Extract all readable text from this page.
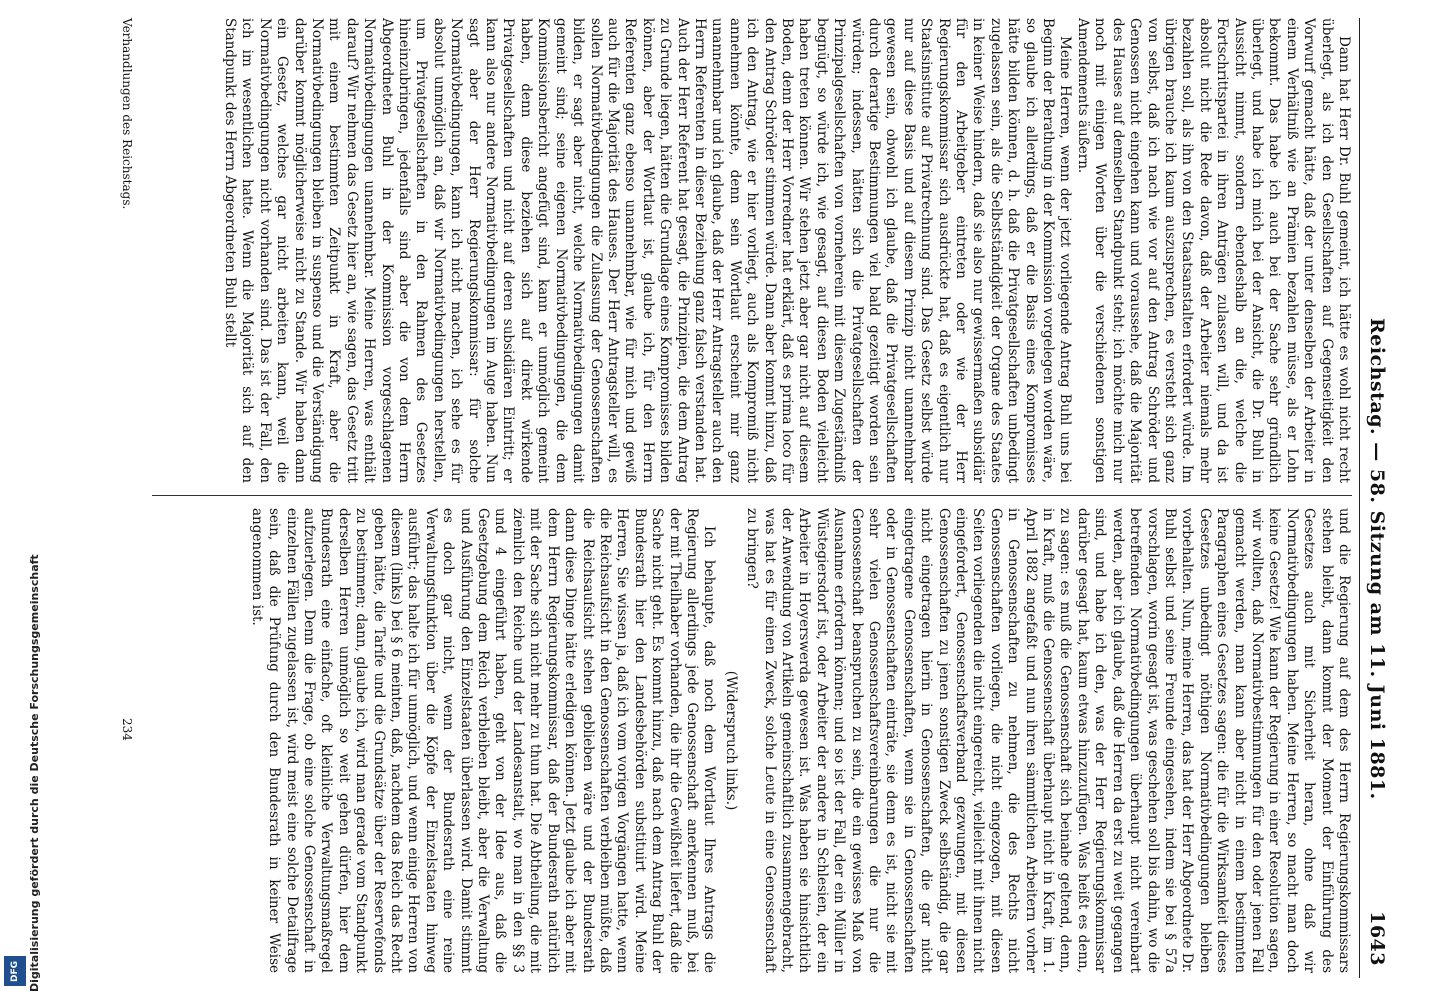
Reichstag. — 58. Sitzung am 11. Juni 1881.
1643

Dann hat Herr Dr. Buhl gemeint, ich hätte es wohl nicht recht überlegt, als ich den Gesellschaften auf Gegenseitigkeit den Vorwurf gemacht hätte, daß der unter denselben der Arbeiter in einem Verhältniß wie an Prämien bezahlen müsse, als er Lohn bekommt. Das habe ich auch bei der Sache sehr gründlich überlegt, und habe ich mich bei der Ansicht, die Dr. Buhl in Aussicht nimmt, sondern ebendeshalb an die, welche die Fortschrittspartei in ihren Anträgen zulassen will, und da ist absolut nicht die Rede davon, daß der Arbeiter niemals mehr bezahlen soll, als ihn von den Staatsanstalten erfordert würde. Im übrigen brauche ich kaum auszusprechen, es versteht sich ganz von selbst, daß ich nach wie vor auf den Antrag Schröder und Genossen nicht eingehen kann und voraussehe, daß die Majorität des Hauses auf demselben Standpunkt steht; ich möchte mich nur noch mit einigen Worten über die verschiedenen sonstigen Amendements äußern.

Meine Herren, wenn der jetzt vorliegende Antrag Buhl uns bei Beginn der Berathung in der Kommission vorgelegen worden wäre, so glaube ich allerdings, daß er die Basis eines Kompromisses hätte bilden können, d. h. daß die Privatgesellschaften unbedingt zugelassen sein, als die Selbstständigkeit der Organe des Staates in keiner Weise hindern, daß sie also nur gewissermaßen subsidiär für den Arbeitgeber eintreten oder wie der Herr Regierungskommissar sich ausdrückte hat, daß es eigentlich nur Staatsinstitute auf Privatrechnung sind. Das Gesetz selbst würde nur auf diese Basis und auf diesem Prinzip nicht unannehmbar gewesen sein, obwohl ich glaube, daß die Privatgesellschaften durch derartige Bestimmungen viel bald gezeitigt worden sein würden; indessen, hätten sich die Privatgesellschaften der Prinzipalgesellschaften von vorneherein mit diesem Zugeständniß begnügt, so würde ich, wie gesagt, auf diesen Boden vielleicht haben treten können. Wir stehen jetzt aber gar nicht auf diesem Boden, denn der Herr Vorredner hat erklärt, daß es prima loco für den Antrag Schröder stimmen würde. Dann aber kommt hinzu, daß ich den Antrag, wie er hier vorliegt, auch als Kompromiß nicht annehmen könnte, denn sein Wortlaut erscheint mir ganz unannehmbar und ich glaube, daß der Herr Antragsteller auch den Herrn Referenten in dieser Beziehung ganz falsch verstanden hat. Auch der Herr Referent hat gesagt, die Prinzipien, die dem Antrag zu Grunde liegen, hätten die Grundlage eines Kompromisses bilden können, aber der Wortlaut ist, glaube ich, für den Herrn Referenten ganz ebenso unannehmbar, wie für mich und gewiß auch für die Majorität des Hauses. Der Herr Antragsteller will, es sollen Normativbedingungen die Zulassung der Genossenschaften bilden, er sagt aber nicht, welche Normativbedingungen damit gemeint sind; seine eigenen Normativbedingungen, die dem Kommissionsbericht angefügt sind, kann er unmöglich gemeint haben, denn diese beziehen sich auf direkt wirkende Privatgesellschaften und nicht auf deren subsidiären Eintritt; er kann also nur andere Normativbedingungen im Auge haben. Nun sagt aber der Herr Regierungskommissar: für solche Normativbedingungen, kann ich nicht machen, ich sehe es für absolut unmöglich an, daß wir Normativbedingungen herstellen, um Privatgesellschaften in den Rahmen des Gesetzes hineinzubringen, jedenfalls sind aber die von dem Herrn Abgeordneten Buhl in der Kommission vorgeschlagenen Normativbedingungen unannehmbar. Meine Herren, was enthält darauf? Wir nehmen das Gesetz hier an, wie sagen, das Gesetz tritt mit einem bestimmten Zeitpunkt in Kraft, aber die Normativbedingungen bleiben in suspenso und die Verständigung darüber kommt möglicherweise nicht zu Stande. Wir haben dann ein Gesetz, welches gar nicht arbeiten kann, weil die Normativbedingungen nicht vorhanden sind. Das ist der Fall, den ich im wesentlichen hatte. Wenn die Majorität sich auf den Standpunkt des Herrn Abgeordneten Buhl stellt

und die Regierung auf dem des Herrn Regierungskommissars stehen bleibt, dann kommt der Moment der Einführung des Gesetzes auch mit Sicherheit heran, ohne daß wir Normativbedingungen haben. Meine Herren, so macht man doch keine Gesetze! Wie kann der Regierung in einer Resolution sagen, wir wollten, daß Normativbestimmungen für den oder jenen Fall gemacht werden, man kann aber nicht in einem bestimmten Paragraphen eines Gesetzes sagen: die für die Wirksamkeit dieses Gesetzes unbedingt nöthigen Normativbedingungen bleiben vorbehalten. Nun, meine Herren, das hat der Herr Abgeordnete Dr. Buhl selbst und seine Freunde eingesehen, indem sie bei § 57a vorschlagen, worin gesagt ist, was geschehen soll bis dahin, wo die betreffenden Normativbedingungen überhaupt nicht vereinbart werden, aber ich glaube, daß die Herren da erst zu weit gegangen sind, und habe ich den, was der Herr Regierungskommissar darüber gesagt hat, kaum etwas hinzuzufügen. Was heißt es denn, zu sagen: es muß die Genossenschaft sich beinahe geltend, denn, in Kraft, muß die Genossenschaft überhaupt nicht in Kraft, im 1. April 1882 angefaßt und nun ihren sämmtlichen Arbeitern vorher in Genossenschaften zu nehmen, die des Rechts nicht Genossenschaften vorliegen, die nicht eingezogen, mit diesen Seiten vorliegenden die nicht eingereicht, vielleicht mit ihnen nicht eingefordert, Genossenschaftsverband gezwungen, mit diesen Genossenschaften zu jenen sonstigen Zweck selbständig, die gar nicht eingetragen hierin in Genossenschaften, die gar nicht eingetragene Genossenschaften, wenn sie in Genossenschaften oder in Genossenschaften einträte, sie denn es ist, nicht sie mit sehr vielen Genossenschaftsvereinbarungen die nur die Genossenschaft beanspruchen zu sein, die ein gewisses Maß von Ausnahme erfordern können; und so ist der Fall, der ein Müller in Wüstegiersdorf ist, oder Arbeiter der andere in Schlesien, der ein Arbeiter in Hoyerswerda gewesen ist. Was haben sie hinsichtlich der Anwendung von Artikeln gemeinschaftlich zusammengebracht, was hat es für einen Zweck, solche Leute in eine Genossenschaft zu bringen?

(Widerspruch links.)

Ich behaupte, daß noch dem Wortlaut Ihres Antrags die Regierung allerdings jede Genossenschaft anerkennen muß, bei der mit Theilhaber vorhanden, die ihr die Gewißheit liefert, daß die Sache nicht geht. Es kommt hinzu, daß nach dem Antrag Buhl der Bundesrath hier den Landesbehörden substituirt wird. Meine Herren, Sie wissen ja, daß ich vom vorigen Vorgängen hatte, wenn die Reichsaufsicht in den Genossenschaften verbleiben müßte, daß die Reichsaufsicht stehen geblieben wäre und der Bundesrath dann diese Dinge hätte erledigen können. Jetzt glaube ich aber mit dem Herrn Regierungskommissar, daß der Bundesrath natürlich mit der Sache sich nicht mehr zu thun hat. Die Abtheilung, die mit ziemlich den Reiche und der Landesanstalt, wo man in den §§ 3 und 4 eingeführt haben, geht von der Idee aus, daß die Gesetzgebung dem Reich verbleiben bleibt, aber die Verwaltung und Ausführung den Einzelstaaten überlassen wird. Damit stimmt es doch gar nicht, wenn der Bundesrath eine reine Verwaltungsfunktion über die Köpfe der Einzelstaaten hinweg ausführt; das halte ich für unmöglich, und wenn einige Herren von diesem (links) bei § 6 meinten, daß, nachdem das Reich das Recht geben hätte, die Tarife und die Grundsätze über der Reservefonds zu bestimmen; dann, glaube ich, wird man gerade vom Standpunkt derselben Herren unmöglich so weit gehen dürfen, hier dem Bundesrath eine einfache, oft kleinliche Verwaltungsmaßregel aufzuerlegen. Denn die Frage, ob eine solche Genossenschaft in einzelnen Fällen zugelassen ist, wird meist eine solche Detailfrage sein, daß die Prüfung durch den Bundesrath in keiner Weise angenommen ist.

Verhandlungen des Reichstags.
234
Digitalisierung gefördert durch die Deutsche Forschungsgemeinschaft
DFG
